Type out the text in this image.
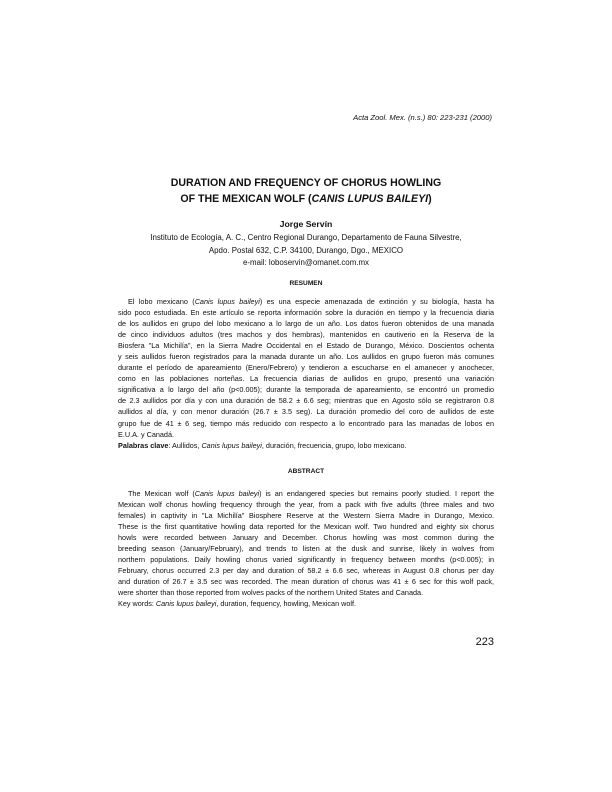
Acta Zool. Mex. (n.s.) 80: 223-231 (2000)
DURATION AND FREQUENCY OF CHORUS HOWLING
OF THE MEXICAN WOLF (CANIS LUPUS BAILEYI)
Jorge Servín
Instituto de Ecología, A. C., Centro Regional Durango, Departamento de Fauna Silvestre,
Apdo. Postal 632, C.P. 34100, Durango, Dgo., MEXICO
e-mail: loboservin@omanet.com.mx
RESUMEN
El lobo mexicano (Canis lupus baileyi) es una especie amenazada de extinción y su biología, hasta ha
sido poco estudiada. En este artículo se reporta información sobre la duración en tiempo y la frecuencia diaria
de los aullidos en grupo del lobo mexicano a lo largo de un año. Los datos fueron obtenidos de una manada
de cinco individuos adultos (tres machos y dos hembras), mantenidos en cautiverio en la Reserva de la
Biosfera "La Michilía", en la Sierra Madre Occidental en el Estado de Durango, México. Doscientos ochenta
y seis aullidos fueron registrados para la manada durante un año. Los aullidos en grupo fueron más comunes
durante el período de apareamiento (Enero/Febrero) y tendieron a escucharse en el amanecer y anochecer,
como en las poblaciones norteñas. La frecuencia diarias de aullidos en grupo, presentó una variación
significativa a lo largo del año (p<0.005); durante la temporada de apareamiento, se encontró un promedio
de 2.3 aullidos por día y con una duración de 58.2 ± 6.6 seg; mientras que en Agosto sólo se registraron 0.8
aullidos al día, y con menor duración (26.7 ± 3.5 seg). La duración promedio del coro de aullidos de este
grupo fue de 41 ± 6 seg, tiempo más reducido con respecto a lo encontrado para las manadas de lobos en
E.U.A. y Canadá.
Palabras clave: Aullidos, Canis lupus baileyi, duración, frecuencia, grupo, lobo mexicano.
ABSTRACT
The Mexican wolf (Canis lupus baileyi) is an endangered species but remains poorly studied. I report the
Mexican wolf chorus howling frequency through the year, from a pack with five adults (three males and two
females) in captivity in "La Michilía" Biosphere Reserve at the Western Sierra Madre in Durango, Mexico.
These is the first quantitative howling data reported for the Mexican wolf. Two hundred and eighty six chorus
howls were recorded between January and December. Chorus howling was most common during the
breeding season (January/February), and trends to listen at the dusk and sunrise, likely in wolves from
northern populations. Daily howling chorus varied significantly in frequency between months (p<0.005); in
February, chorus occurred 2.3 per day and duration of 58.2 ± 6.6 sec, whereas in August 0.8 chorus per day
and duration of 26.7 ± 3.5 sec was recorded. The mean duration of chorus was 41 ± 6 sec for this wolf pack,
were shorter than those reported from wolves packs of the northern United States and Canada.
Key words: Canis lupus baileyi, duration, fequency, howling, Mexican wolf.
223
